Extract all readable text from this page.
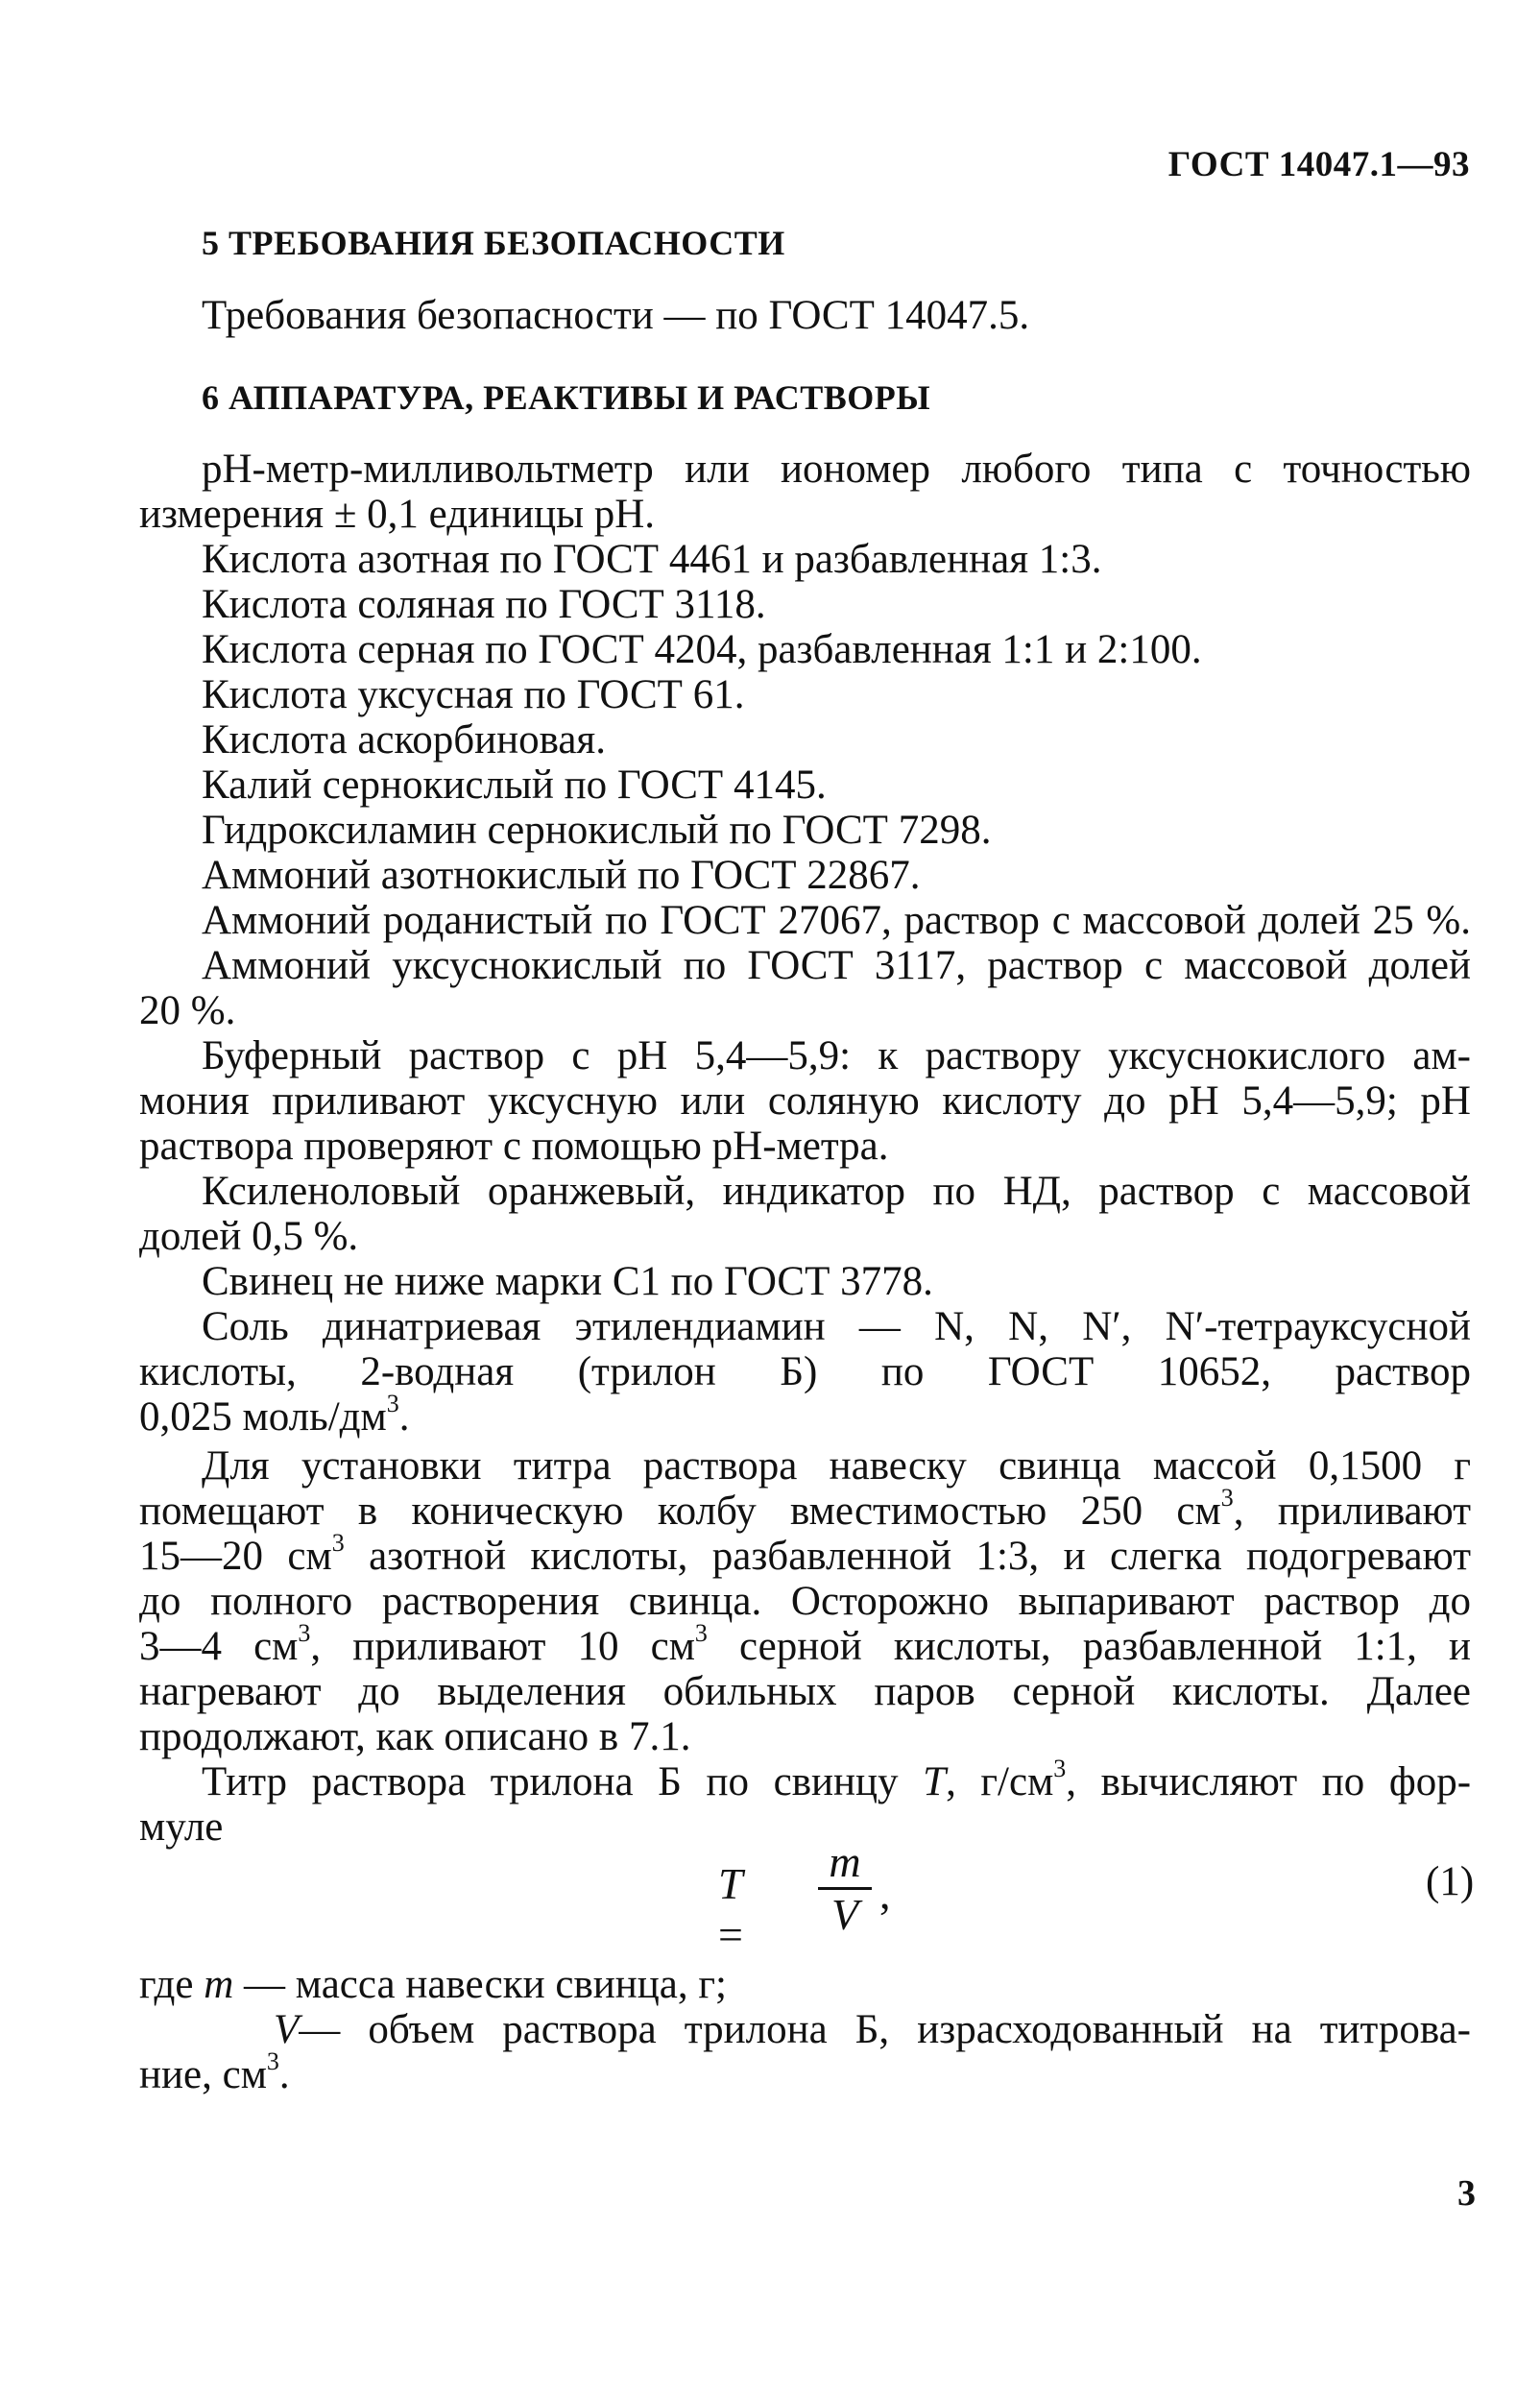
ГОСТ 14047.1—93
5 ТРЕБОВАНИЯ БЕЗОПАСНОСТИ
Требования безопасности — по ГОСТ 14047.5.
6 АППАРАТУРА, РЕАКТИВЫ И РАСТВОРЫ
pH-метр-милливольтметр или иономер любого типа с точностью
измерения ± 0,1 единицы pH.
Кислота азотная по ГОСТ 4461 и разбавленная 1:3.
Кислота соляная по ГОСТ 3118.
Кислота серная по ГОСТ 4204, разбавленная 1:1 и 2:100.
Кислота уксусная по ГОСТ 61.
Кислота аскорбиновая.
Калий сернокислый по ГОСТ 4145.
Гидроксиламин сернокислый по ГОСТ 7298.
Аммоний азотнокислый по ГОСТ 22867.
Аммоний роданистый по ГОСТ 27067, раствор с массовой долей 25 %.
Аммоний уксуснокислый по ГОСТ 3117, раствор с массовой долей
20 %.
Буферный раствор с pH 5,4—5,9: к раствору уксуснокислого ам-
мония приливают уксусную или соляную кислоту до pH 5,4—5,9; pH
раствора проверяют с помощью pH-метра.
Ксиленоловый оранжевый, индикатор по НД, раствор с массовой
долей 0,5 %.
Свинец не ниже марки С1 по ГОСТ 3778.
Соль динатриевая этилендиамин — N, N, N′, N′-тетрауксусной
кислоты, 2-водная (трилон Б) по ГОСТ 10652, раствор
0,025 моль/$дм^3$.
Для установки титра раствора навеску свинца массой 0,1500 г
помещают в коническую колбу вместимостью 250 $см^3$, приливают
15—20 $см^3$ азотной кислоты, разбавленной 1:3, и слегка подогревают
до полного растворения свинца. Осторожно выпаривают раствор до
3—4 $см^3$, приливают 10 $см^3$ серной кислоты, разбавленной 1:1, и
нагревают до выделения обильных паров серной кислоты. Далее
продолжают, как описано в 7.1.
Титр раствора трилона Б по свинцу T, $г/см^3$, вычисляют по фор-
муле
T =
m
V ,	(1)
где m — масса навески свинца, г;
V— объем раствора трилона Б, израсходованный на титрова-
ние, $см^3$.
3
